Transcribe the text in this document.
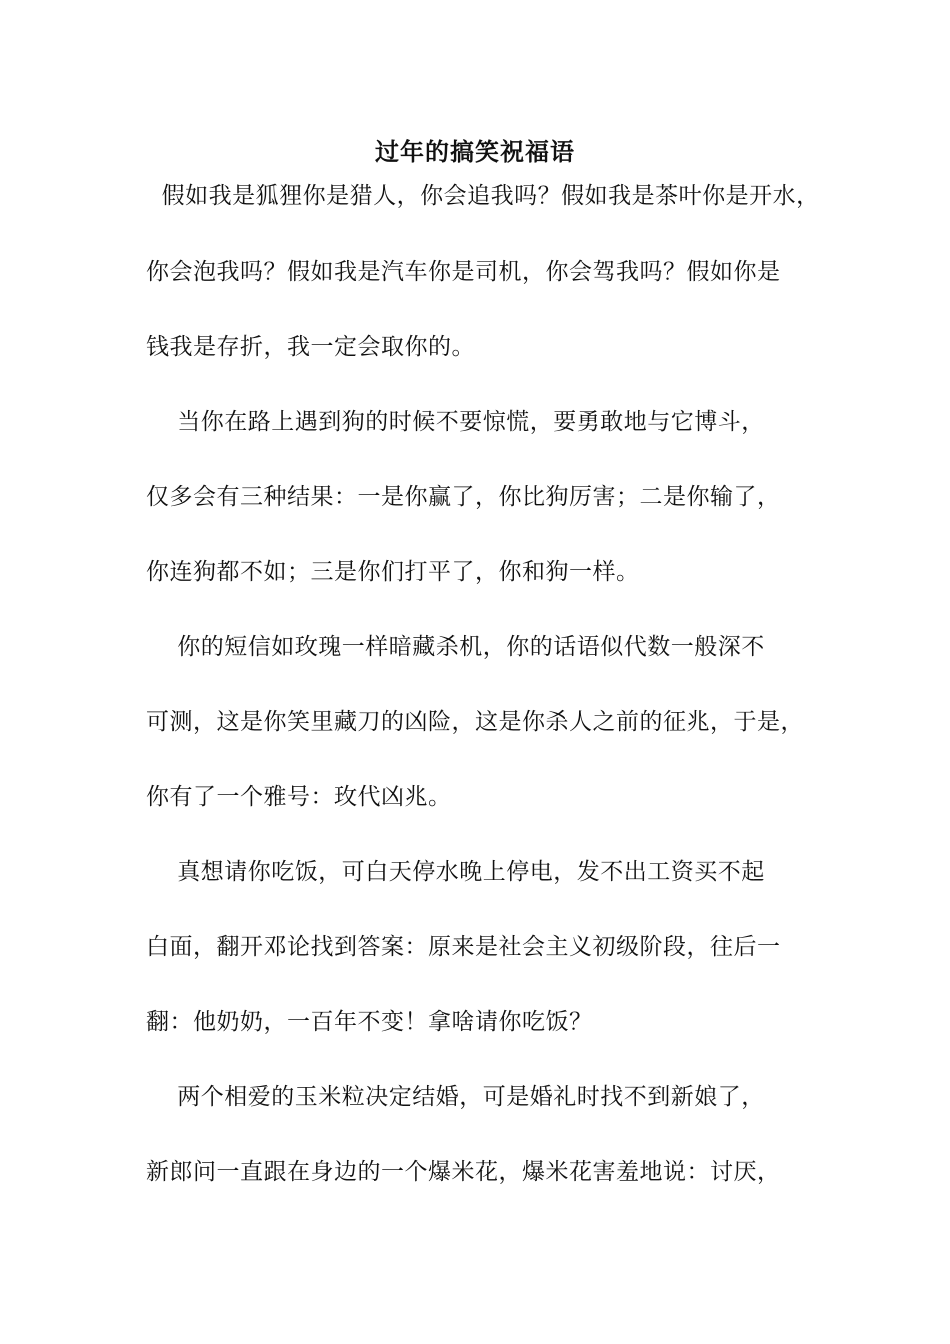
过年的搞笑祝福语
假如我是狐狸你是猎人，你会追我吗？假如我是茶叶你是开水，
你会泡我吗？假如我是汽车你是司机，你会驾我吗？假如你是
钱我是存折，我一定会取你的。
当你在路上遇到狗的时候不要惊慌，要勇敢地与它博斗，
仅多会有三种结果：一是你赢了，你比狗厉害；二是你输了，
你连狗都不如；三是你们打平了，你和狗一样。
你的短信如玫瑰一样暗藏杀机，你的话语似代数一般深不
可测，这是你笑里藏刀的凶险，这是你杀人之前的征兆，于是，
你有了一个雅号：玫代凶兆。
真想请你吃饭，可白天停水晚上停电，发不出工资买不起
白面，翻开邓论找到答案：原来是社会主义初级阶段，往后一
翻：他奶奶，一百年不变！拿啥请你吃饭？
两个相爱的玉米粒决定结婚，可是婚礼时找不到新娘了，
新郎问一直跟在身边的一个爆米花，爆米花害羞地说：讨厌，
